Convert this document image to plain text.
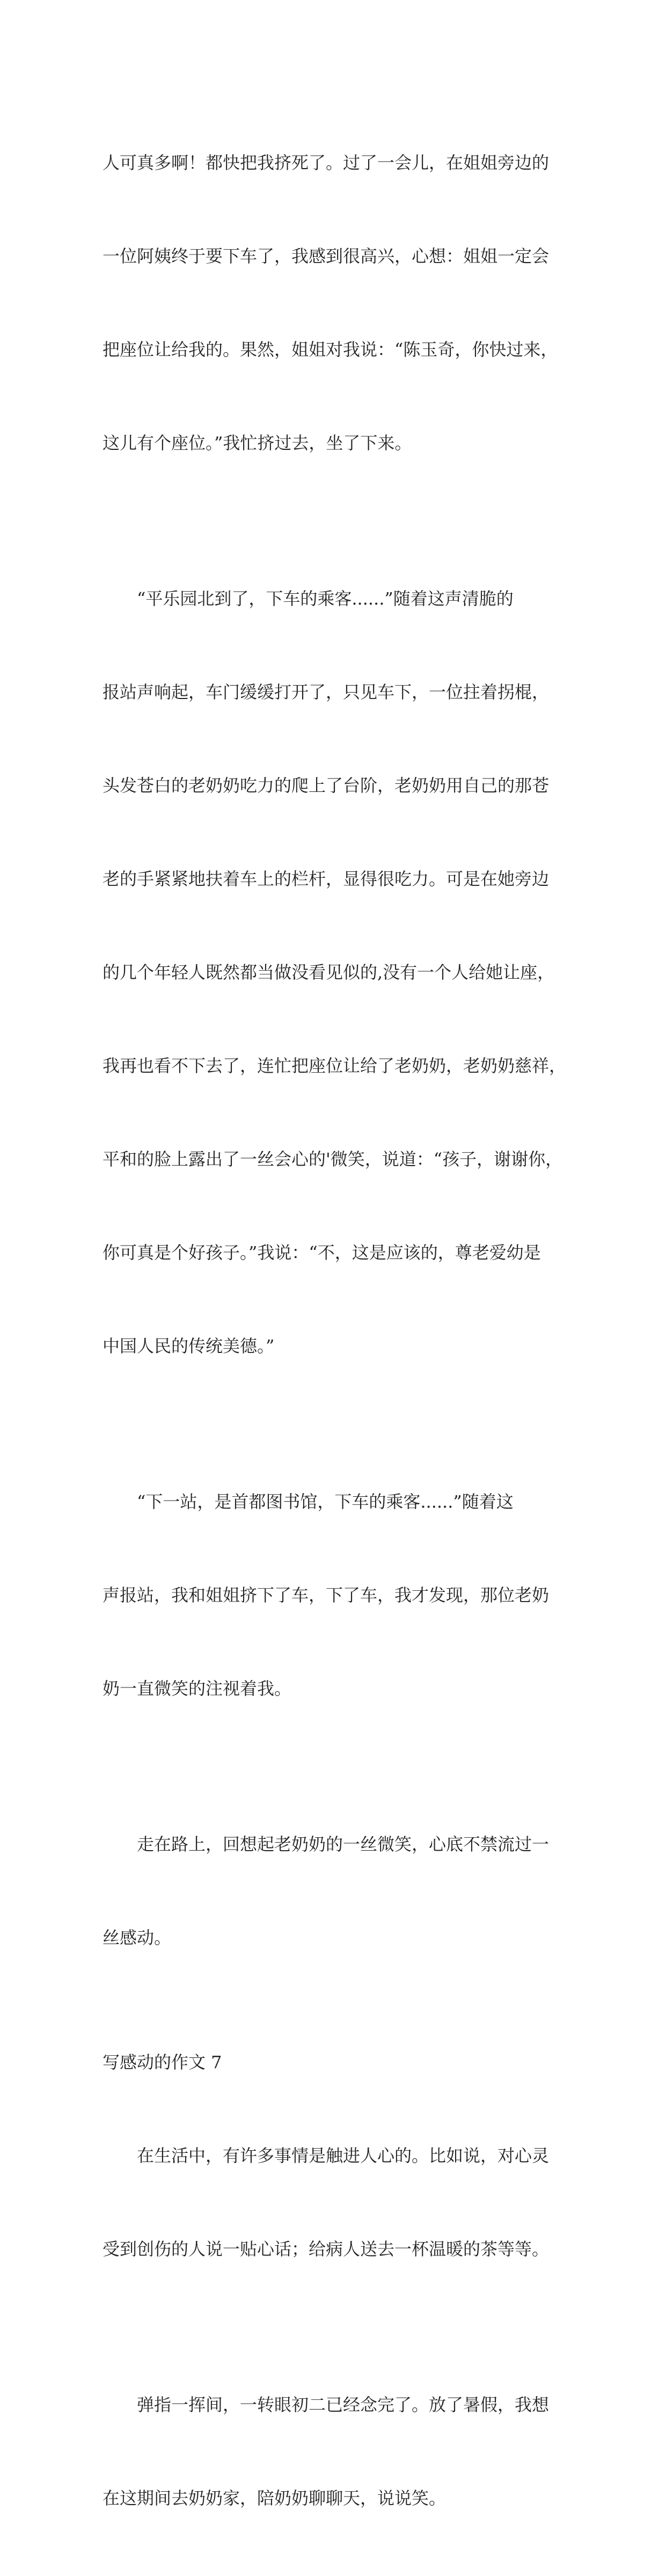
人可真多啊！都快把我挤死了。过了一会儿，在姐姐旁边的

一位阿姨终于要下车了，我感到很高兴，心想：姐姐一定会

把座位让给我的。果然，姐姐对我说：“陈玉奇，你快过来，

这儿有个座位。”我忙挤过去，坐了下来。

　　“平乐园北到了，下车的乘客......”随着这声清脆的

报站声响起，车门缓缓打开了，只见车下，一位拄着拐棍，

头发苍白的老奶奶吃力的爬上了台阶，老奶奶用自己的那苍

老的手紧紧地扶着车上的栏杆，显得很吃力。可是在她旁边

的几个年轻人既然都当做没看见似的,没有一个人给她让座，

我再也看不下去了，连忙把座位让给了老奶奶，老奶奶慈祥，

平和的脸上露出了一丝会心的'微笑，说道：“孩子，谢谢你，

你可真是个好孩子。”我说：“不，这是应该的，尊老爱幼是

中国人民的传统美德。”

　　“下一站，是首都图书馆，下车的乘客......”随着这

声报站，我和姐姐挤下了车，下了车，我才发现，那位老奶

奶一直微笑的注视着我。

　　走在路上，回想起老奶奶的一丝微笑，心底不禁流过一

丝感动。

写感动的作文 7

　　在生活中，有许多事情是触进人心的。比如说，对心灵

受到创伤的人说一贴心话；给病人送去一杯温暖的茶等等。

　　弹指一挥间，一转眼初二已经念完了。放了暑假，我想

在这期间去奶奶家，陪奶奶聊聊天，说说笑。
